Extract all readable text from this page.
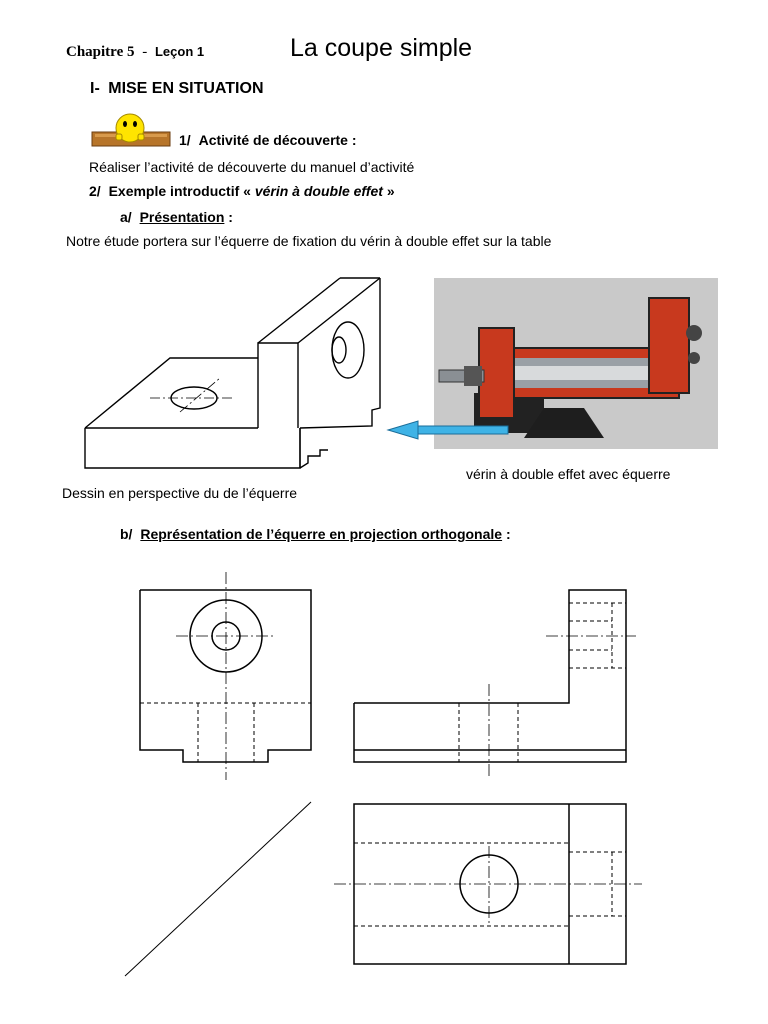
Chapitre 5 - Leçon 1	La coupe simple
I- MISE EN SITUATION
1/ Activité de découverte :
Réaliser l’activité de découverte du manuel d’activité
2/ Exemple introductif « vérin à double effet »
a/ Présentation :
Notre étude portera sur l’équerre de fixation du vérin à double effet sur la table
vérin à double effet avec équerre
Dessin en perspective du de l’équerre
b/ Représentation de l’équerre en projection orthogonale :
